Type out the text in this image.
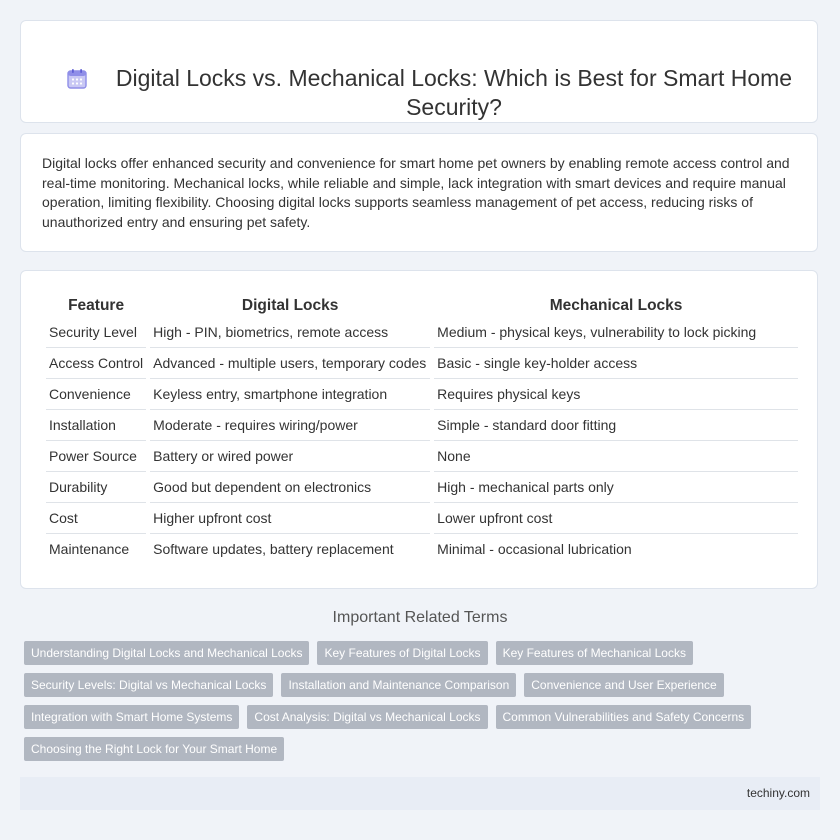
Digital Locks vs. Mechanical Locks: Which is Best for Smart Home Security?

Digital locks offer enhanced security and convenience for smart home pet owners by enabling remote access control and real-time monitoring. Mechanical locks, while reliable and simple, lack integration with smart devices and require manual operation, limiting flexibility. Choosing digital locks supports seamless management of pet access, reducing risks of unauthorized entry and ensuring pet safety.

Feature	Digital Locks	Mechanical Locks
Security Level	High - PIN, biometrics, remote access	Medium - physical keys, vulnerability to lock picking
Access Control	Advanced - multiple users, temporary codes	Basic - single key-holder access
Convenience	Keyless entry, smartphone integration	Requires physical keys
Installation	Moderate - requires wiring/power	Simple - standard door fitting
Power Source	Battery or wired power	None
Durability	Good but dependent on electronics	High - mechanical parts only
Cost	Higher upfront cost	Lower upfront cost
Maintenance	Software updates, battery replacement	Minimal - occasional lubrication
Important Related Terms
Understanding Digital Locks and Mechanical Locks	Key Features of Digital Locks	Key Features of Mechanical Locks
Security Levels: Digital vs Mechanical Locks	Installation and Maintenance Comparison	Convenience and User Experience
Integration with Smart Home Systems	Cost Analysis: Digital vs Mechanical Locks	Common Vulnerabilities and Safety Concerns
Choosing the Right Lock for Your Smart Home
techiny.com
